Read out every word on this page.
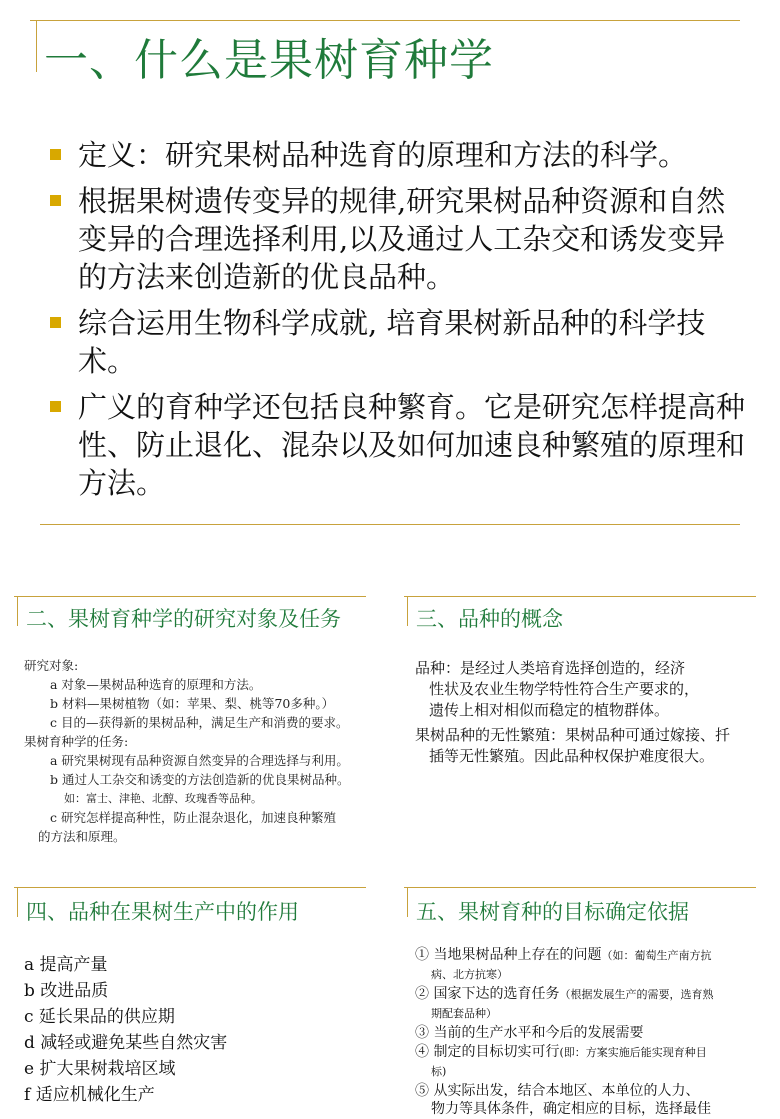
一、什么是果树育种学
定义：研究果树品种选育的原理和方法的科学。
根据果树遗传变异的规律,研究果树品种资源和自然变异的合理选择利用,以及通过人工杂交和诱发变异的方法来创造新的优良品种。
综合运用生物科学成就, 培育果树新品种的科学技术。
广义的育种学还包括良种繁育。它是研究怎样提高种性、防止退化、混杂以及如何加速良种繁殖的原理和方法。
二、果树育种学的研究对象及任务
研究对象:
a 对象—果树品种选育的原理和方法。
b 材料—果树植物（如：苹果、梨、桃等70多种。）
c 目的—获得新的果树品种，满足生产和消费的要求。
果树育种学的任务:
a 研究果树现有品种资源自然变异的合理选择与利用。
b 通过人工杂交和诱变的方法创造新的优良果树品种。
如：富士、津艳、北醇、玫瑰香等品种。
c 研究怎样提高种性，防止混杂退化，加速良种繁殖
的方法和原理。
三、品种的概念

品种：是经过人类培育选择创造的，经济
性状及农业生物学特性符合生产要求的，
遗传上相对相似而稳定的植物群体。

果树品种的无性繁殖：果树品种可通过嫁接、扦
插等无性繁殖。因此品种权保护难度很大。

四、品种在果树生产中的作用
a 提高产量
b 改进品质
c 延长果品的供应期
d 减轻或避免某些自然灾害
e 扩大果树栽培区域
f 适应机械化生产
五、果树育种的目标确定依据
① 当地果树品种上存在的问题（如：葡萄生产南方抗
病、北方抗寒）
② 国家下达的选育任务（根据发展生产的需要，选育熟
期配套品种）
③ 当前的生产水平和今后的发展需要
④ 制定的目标切实可行(即：方案实施后能实现育种目
标)
⑤ 从实际出发，结合本地区、本单位的人力、
物力等具体条件，确定相应的目标，选择最佳
